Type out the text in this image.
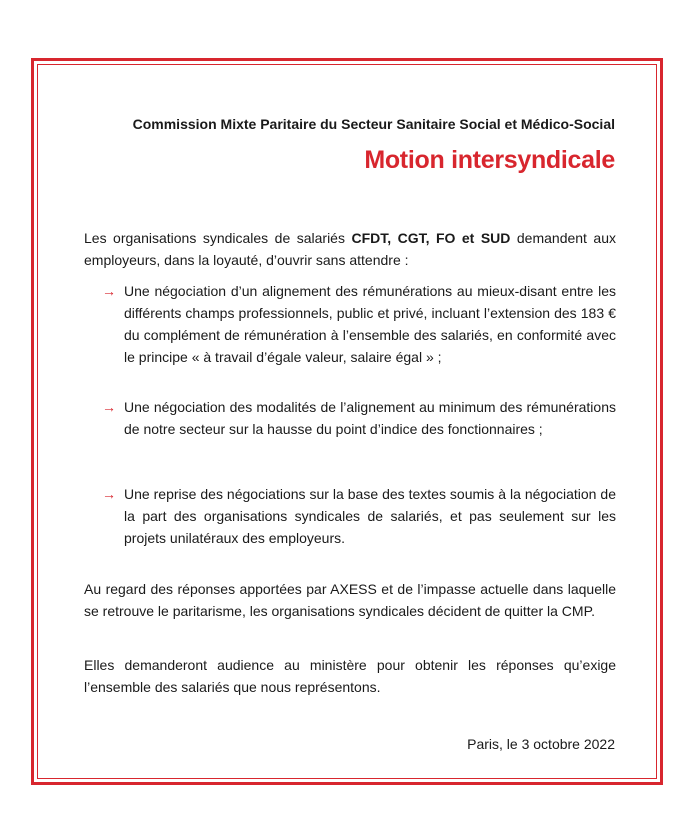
Commission Mixte Paritaire du Secteur Sanitaire Social et Médico-Social
Motion intersyndicale
Les organisations syndicales de salariés CFDT, CGT, FO et SUD demandent aux employeurs, dans la loyauté, d’ouvrir sans attendre :
→ Une négociation d’un alignement des rémunérations au mieux-disant entre les différents champs professionnels, public et privé, incluant l’extension des 183 € du complément de rémunération à l’ensemble des salariés, en conformité avec le principe « à travail d’égale valeur, salaire égal » ;
→ Une négociation des modalités de l’alignement au minimum des rémunérations de notre secteur sur la hausse du point d’indice des fonctionnaires ;
→ Une reprise des négociations sur la base des textes soumis à la négociation de la part des organisations syndicales de salariés, et pas seulement sur les projets unilatéraux des employeurs.
Au regard des réponses apportées par AXESS et de l’impasse actuelle dans laquelle se retrouve le paritarisme, les organisations syndicales décident de quitter la CMP.
Elles demanderont audience au ministère pour obtenir les réponses qu’exige l’ensemble des salariés que nous représentons.
Paris, le 3 octobre 2022
